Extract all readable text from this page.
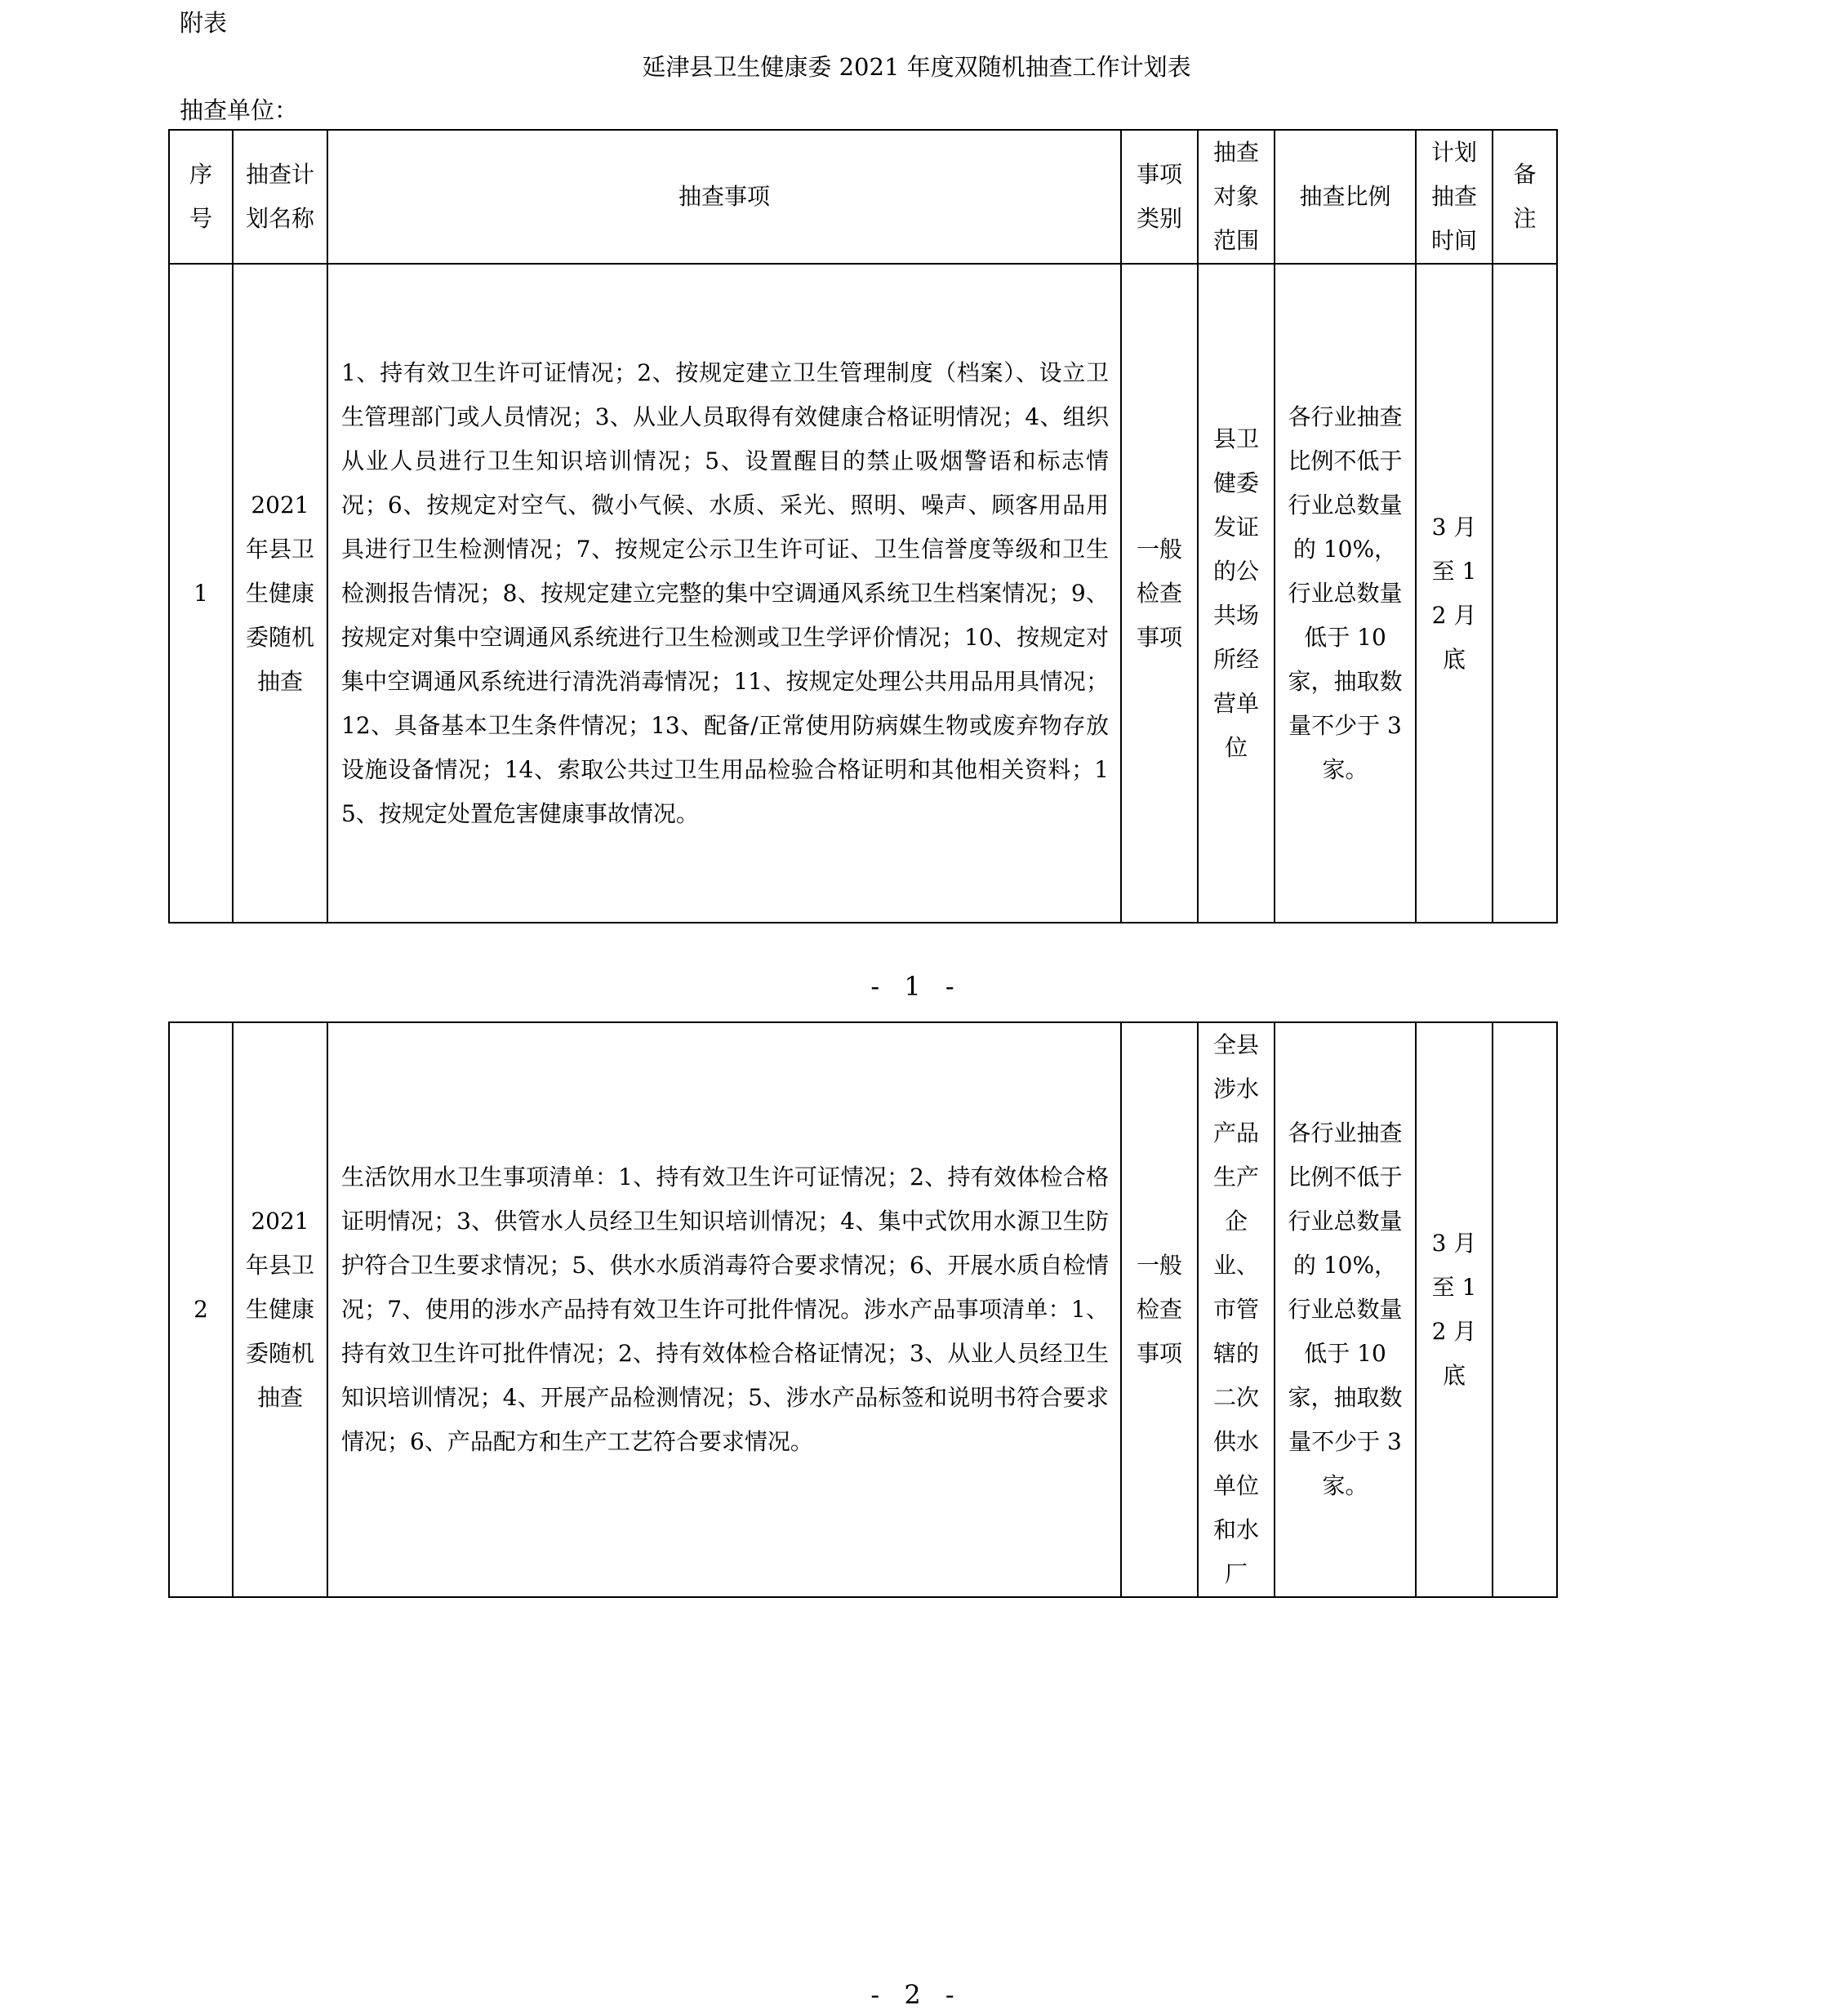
附表
延津县卫生健康委 2021 年度双随机抽查工作计划表
抽查单位：
序号	抽查计划名称	抽查事项	事项类别	抽查对象范围	抽查比例	计划抽查时间	备注
1	2021 年县卫生健康委随机抽查	1、持有效卫生许可证情况；2、按规定建立卫生管理制度（档案）、设立卫生管理部门或人员情况；3、从业人员取得有效健康合格证明情况；4、组织从业人员进行卫生知识培训情况；5、设置醒目的禁止吸烟警语和标志情况；6、按规定对空气、微小气候、水质、采光、照明、噪声、顾客用品用具进行卫生检测情况；7、按规定公示卫生许可证、卫生信誉度等级和卫生检测报告情况；8、按规定建立完整的集中空调通风系统卫生档案情况；9、按规定对集中空调通风系统进行卫生检测或卫生学评价情况；10、按规定对集中空调通风系统进行清洗消毒情况；11、按规定处理公共用品用具情况；12、具备基本卫生条件情况；13、配备/正常使用防病媒生物或废弃物存放设施设备情况；14、索取公共过卫生用品检验合格证明和其他相关资料；15、按规定处置危害健康事故情况。	一般检查事项	县卫健委发证的公共场所经营单位	各行业抽查比例不低于行业总数量的 10%，行业总数量低于 10 家，抽取数量不少于 3 家。	3 月至 12 月底	
- 1 -
2	2021 年县卫生健康委随机抽查	生活饮用水卫生事项清单：1、持有效卫生许可证情况；2、持有效体检合格证明情况；3、供管水人员经卫生知识培训情况；4、集中式饮用水源卫生防护符合卫生要求情况；5、供水水质消毒符合要求情况；6、开展水质自检情况；7、使用的涉水产品持有效卫生许可批件情况。涉水产品事项清单：1、持有效卫生许可批件情况；2、持有效体检合格证情况；3、从业人员经卫生知识培训情况；4、开展产品检测情况；5、涉水产品标签和说明书符合要求情况；6、产品配方和生产工艺符合要求情况。	一般检查事项	全县涉水产品生产企业、市管辖的二次供水单位和水厂	各行业抽查比例不低于行业总数量的 10%，行业总数量低于 10 家，抽取数量不少于 3 家。	3 月至 12 月底	
- 2 -
